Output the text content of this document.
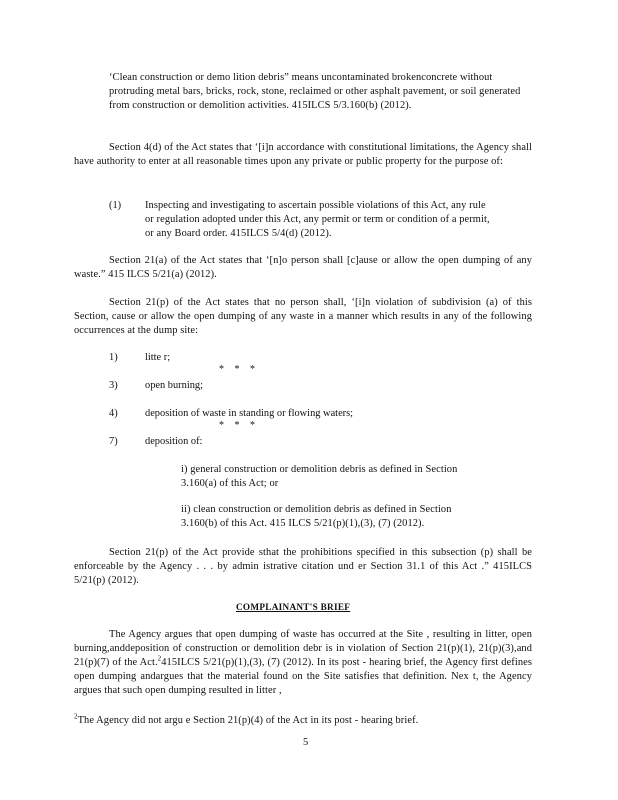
‘Clean construction or demo lition debris” means uncontaminated brokenconcrete without protruding metal bars, bricks, rock, stone, reclaimed or other asphalt pavement, or soil generated from construction or demolition activities. 415ILCS 5/3.160(b) (2012).

Section 4(d) of the Act states that ‘[i]n accordance with constitutional limitations, the Agency shall have authority to enter at all reasonable times upon any private or public property for the purpose of:

(1) Inspecting and investigating to ascertain possible violations of this Act, any rule or regulation adopted under this Act, any permit or term or condition of a permit, or any Board order. 415ILCS 5/4(d) (2012).

Section 21(a) of the Act states that ‘[n]o person shall [c]ause or allow the open dumping of any waste.” 415 ILCS 5/21(a) (2012).

Section 21(p) of the Act states that no person shall, ‘[i]n violation of subdivision (a) of this Section, cause or allow the open dumping of any waste in a manner which results in any of the following occurrences at the dump site:

1)	litte r;
* * *
3)	open burning;
4)	deposition of waste in standing or flowing waters;
* * *
7)	deposition of:

i) general construction or demolition debris as defined in Section 3.160(a) of this Act; or

ii) clean construction or demolition debris as defined in Section 3.160(b) of this Act. 415 ILCS 5/21(p)(1),(3), (7) (2012).

Section 21(p) of the Act provide sthat the prohibitions specified in this subsection (p) shall be enforceable by the Agency . . . by admin istrative citation und er Section 31.1 of this Act .” 415ILCS 5/21(p) (2012).

COMPLAINANT'S BRIEF

The Agency argues that open dumping of waste has occurred at the Site , resulting in litter, open burning,anddeposition of construction or demolition debr is in violation of Section 21(p)(1), 21(p)(3),and 21(p)(7) of the Act.$^2$415ILCS 5/21(p)(1),(3), (7) (2012). In its post - hearing brief, the Agency first defines open dumping andargues that the material found on the Site satisfies that definition. Nex t, the Agency argues that such open dumping resulted in litter ,

$^2$The Agency did not argu e Section 21(p)(4) of the Act in its post - hearing brief.

5
